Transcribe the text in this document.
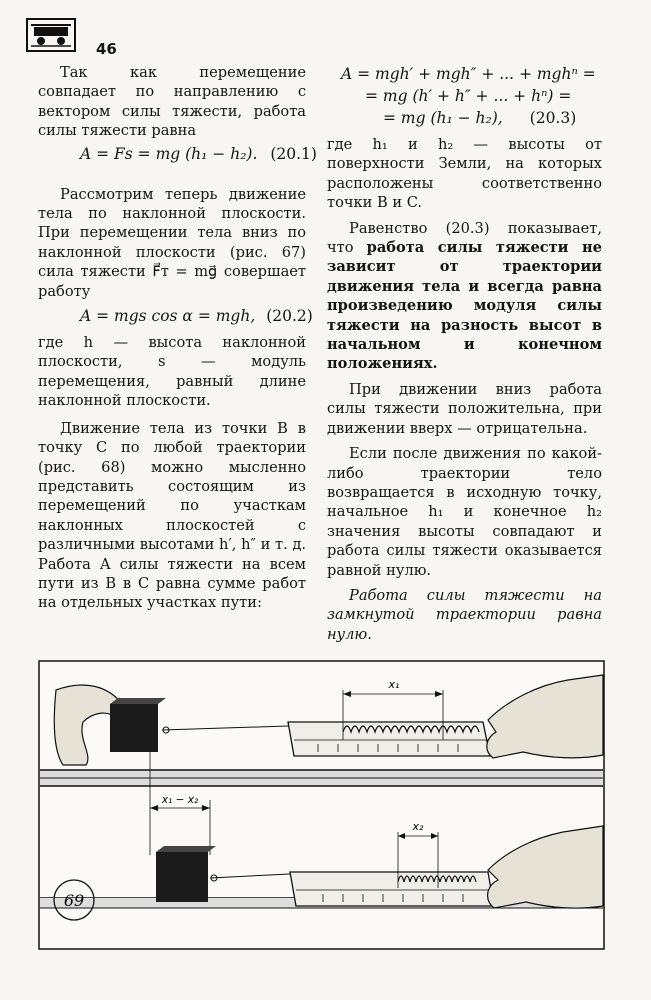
46

Так как перемещение совпадает по направлению с вектором силы тяжести, работа силы тяжести равна

A = Fs = mg (h₁ − h₂). (20.1)

Рассмотрим теперь движение тела по наклонной плоскости. При перемещении тела вниз по наклонной плоскости (рис. 67) сила тяжести F⃗т = mg⃗ совершает работу

A = mgs cos α = mgh, (20.2)

где h — высота наклонной плоскости, s — модуль перемещения, равный длине наклонной плоскости.

Движение тела из точки B в точку C по любой траектории (рис. 68) можно мысленно представить состоящим из перемещений по участкам наклонных плоскостей с различными высотами h′, h″ и т. д. Работа A силы тяжести на всем пути из B в C равна сумме работ на отдельных участках пути:

A = mgh′ + mgh″ + ... + mghⁿ =
= mg (h′ + h″ + ... + hⁿ) =
= mg (h₁ − h₂), (20.3)

где h₁ и h₂ — высоты от поверхности Земли, на которых расположены соответственно точки B и C.

Равенство (20.3) показывает, что работа силы тяжести не зависит от траектории движения тела и всегда равна произведению модуля силы тяжести на разность высот в начальном и конечном положениях.

При движении вниз работа силы тяжести положительна, при движении вверх — отрицательна.

Если после движения по какой-либо траектории тело возвращается в исходную точку, начальное h₁ и конечное h₂ значения высоты совпадают и работа силы тяжести оказывается равной нулю.

Работа силы тяжести на замкнутой траектории равна нулю.

x₁
x₁ − x₂
x₂
69
